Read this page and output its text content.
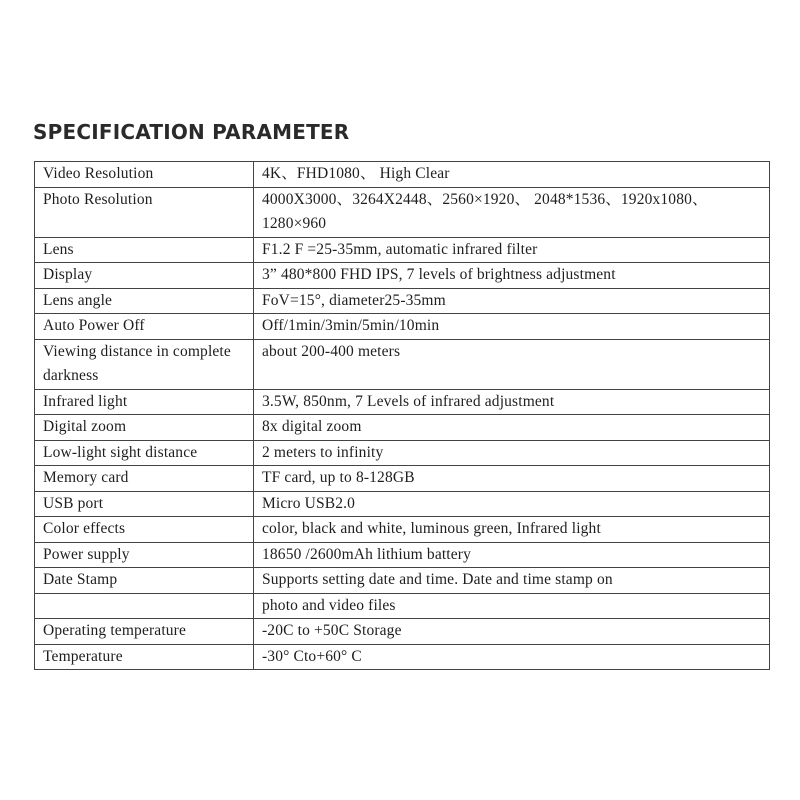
SPECIFICATION PARAMETER
Video Resolution	4K、FHD1080、 High Clear
Photo Resolution	4000X3000、3264X2448、2560×1920、 2048*1536、1920x1080、 1280×960
Lens	F1.2 F =25-35mm, automatic infrared filter
Display	3” 480*800 FHD IPS, 7 levels of brightness adjustment
Lens angle	FoV=15°, diameter25-35mm
Auto Power Off	Off/1min/3min/5min/10min
Viewing distance in complete darkness	about 200-400 meters
Infrared light	3.5W, 850nm, 7 Levels of infrared adjustment
Digital zoom	8x digital zoom
Low-light sight distance	2 meters to infinity
Memory card	TF card, up to 8-128GB
USB port	Micro USB2.0
Color effects	color, black and white, luminous green, Infrared light
Power supply	18650 /2600mAh lithium battery
Date Stamp	Supports setting date and time. Date and time stamp on
	photo and video files
Operating temperature	-20C to +50C Storage
Temperature	-30° Cto+60° C
